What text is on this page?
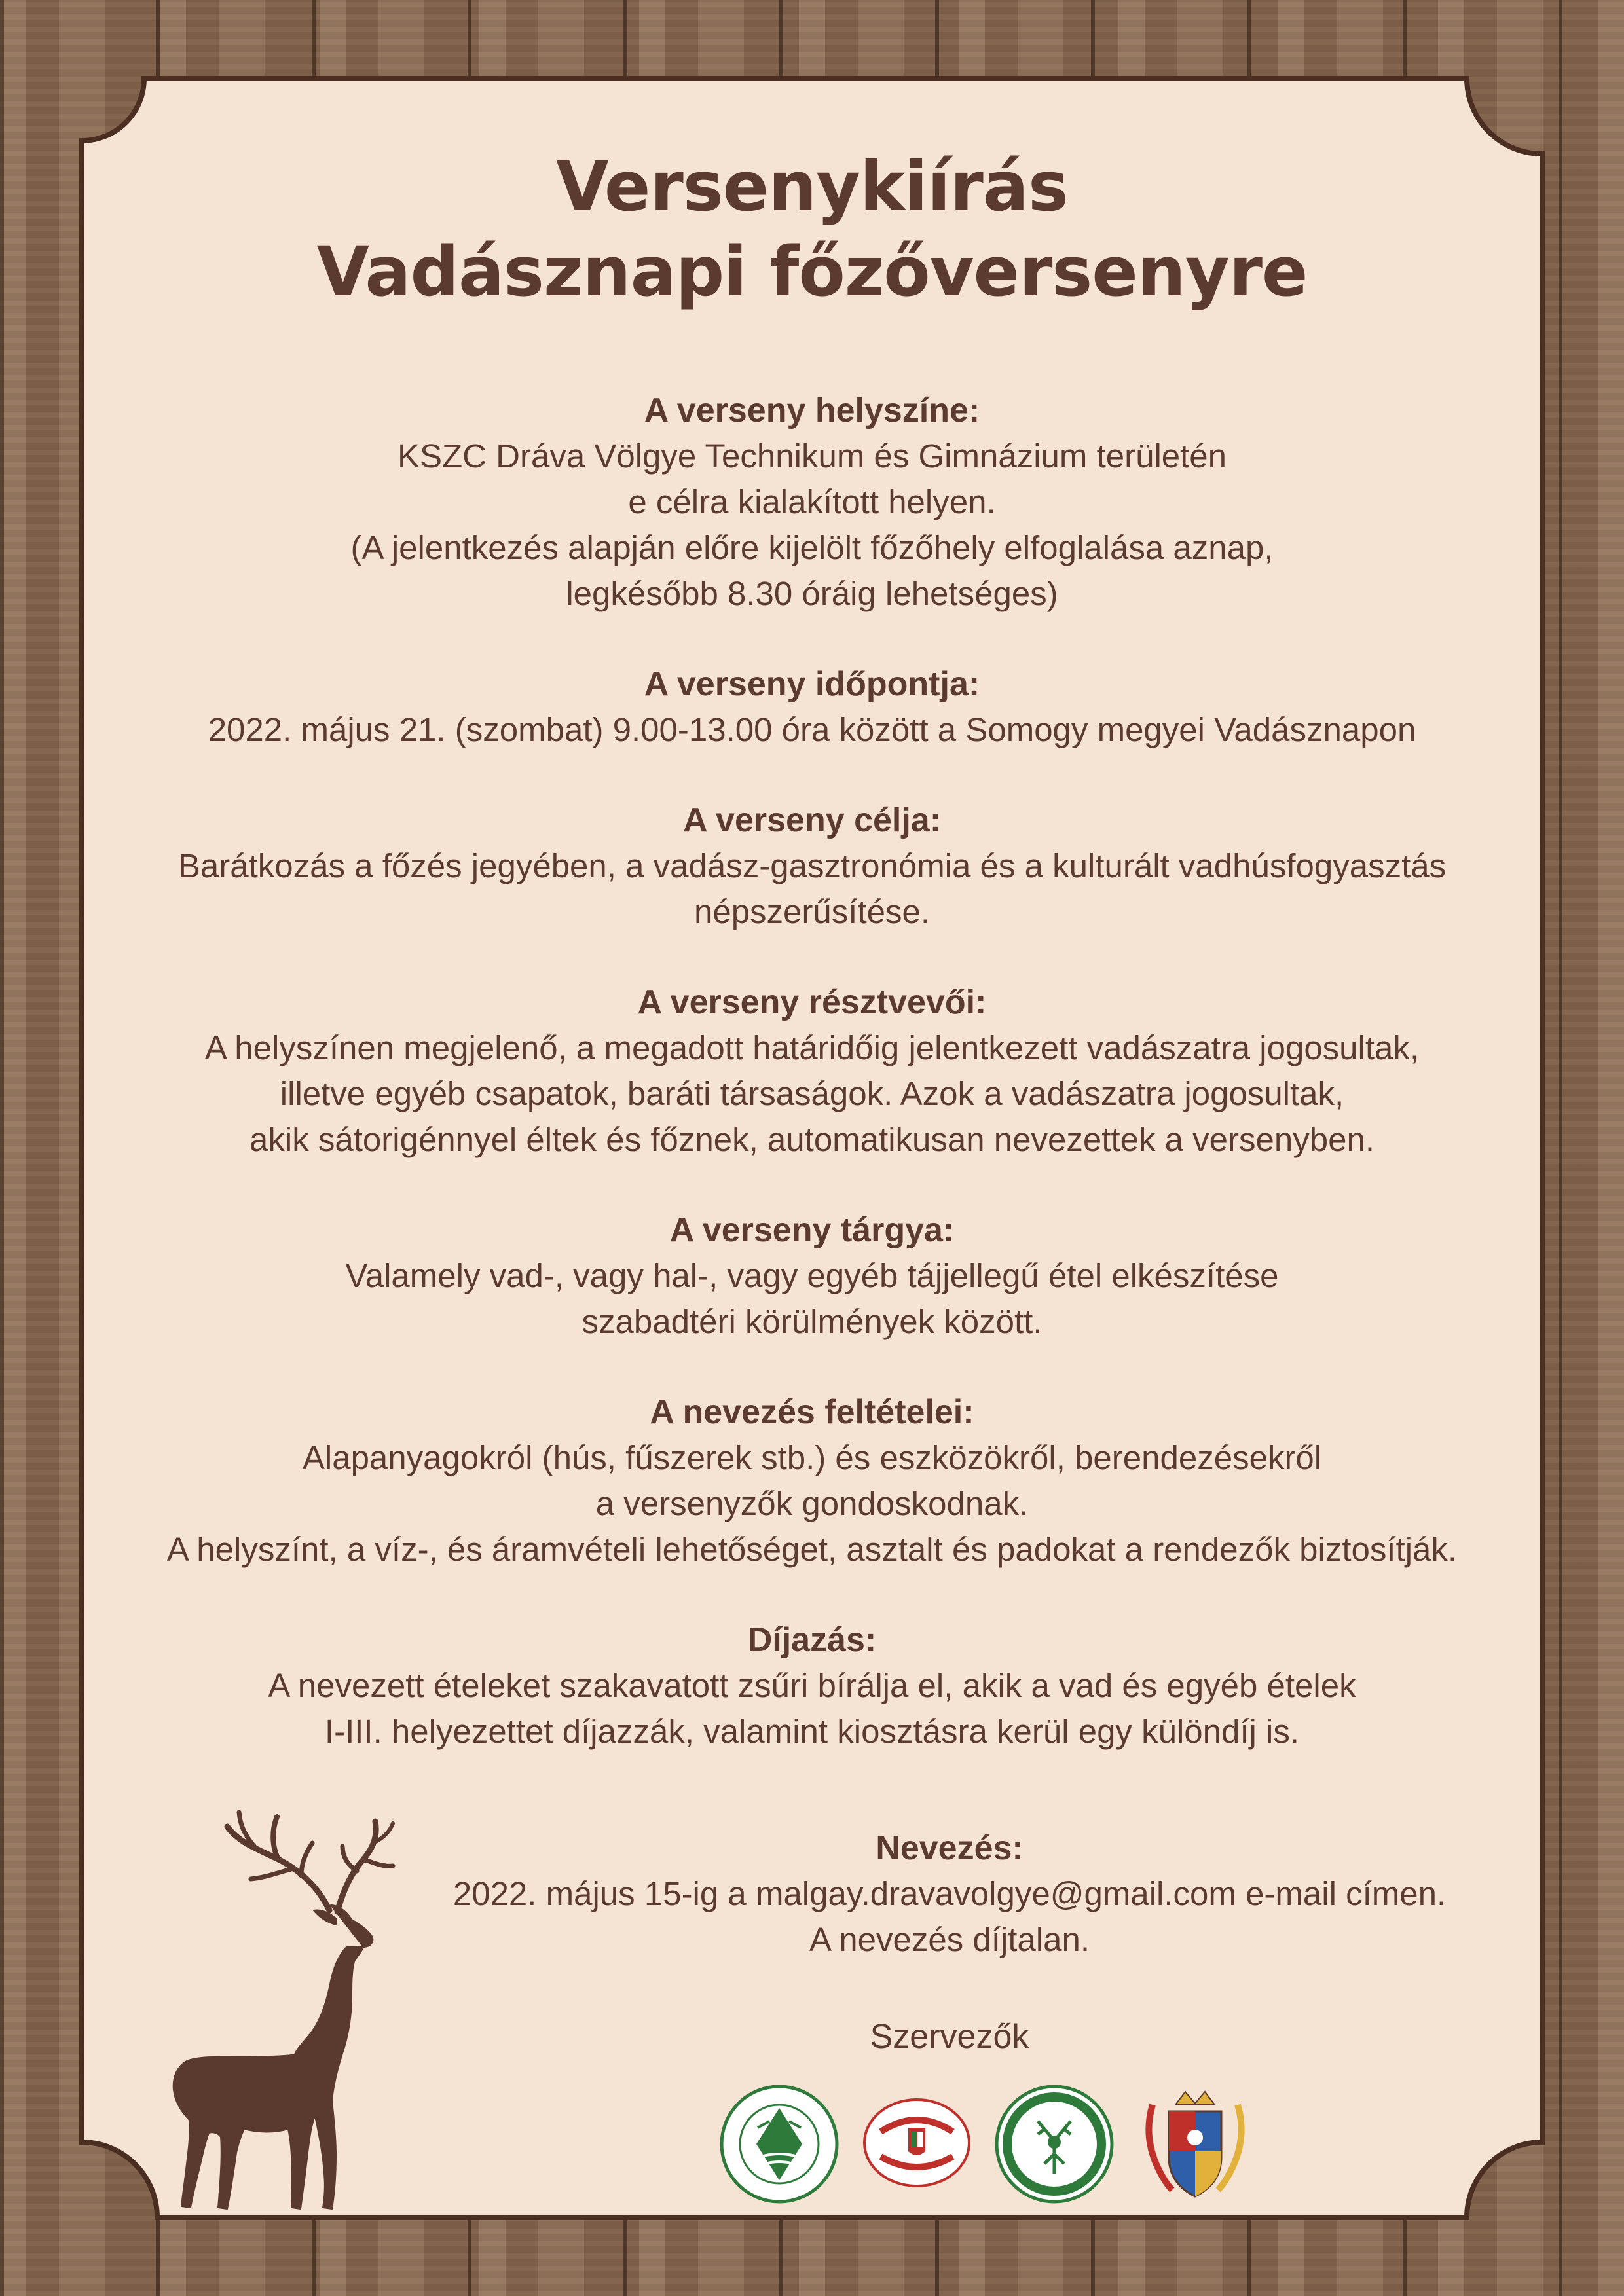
Versenykiírás
Vadásznapi főzőversenyre
A verseny helyszíne:
KSZC Dráva Völgye Technikum és Gimnázium területén
e célra kialakított helyen.
(A jelentkezés alapján előre kijelölt főzőhely elfoglalása aznap,
legkésőbb 8.30 óráig lehetséges)
A verseny időpontja:
2022. május 21. (szombat) 9.00-13.00 óra között a Somogy megyei Vadásznapon
A verseny célja:
Barátkozás a főzés jegyében, a vadász-gasztronómia és a kulturált vadhúsfogyasztás
népszerűsítése.
A verseny résztvevői:
A helyszínen megjelenő, a megadott határidőig jelentkezett vadászatra jogosultak,
illetve egyéb csapatok, baráti társaságok. Azok a vadászatra jogosultak,
akik sátorigénnyel éltek és főznek, automatikusan nevezettek a versenyben.
A verseny tárgya:
Valamely vad-, vagy hal-, vagy egyéb tájjellegű étel elkészítése
szabadtéri körülmények között.
A nevezés feltételei:
Alapanyagokról (hús, fűszerek stb.) és eszközökről, berendezésekről
a versenyzők gondoskodnak.
A helyszínt, a víz-, és áramvételi lehetőséget, asztalt és padokat a rendezők biztosítják.
Díjazás:
A nevezett ételeket szakavatott zsűri bírálja el, akik a vad és egyéb ételek
I-III. helyezettet díjazzák, valamint kiosztásra kerül egy különdíj is.
Nevezés:
2022. május 15-ig a malgay.dravavolgye@gmail.com e-mail címen.
A nevezés díjtalan.
Szervezők
